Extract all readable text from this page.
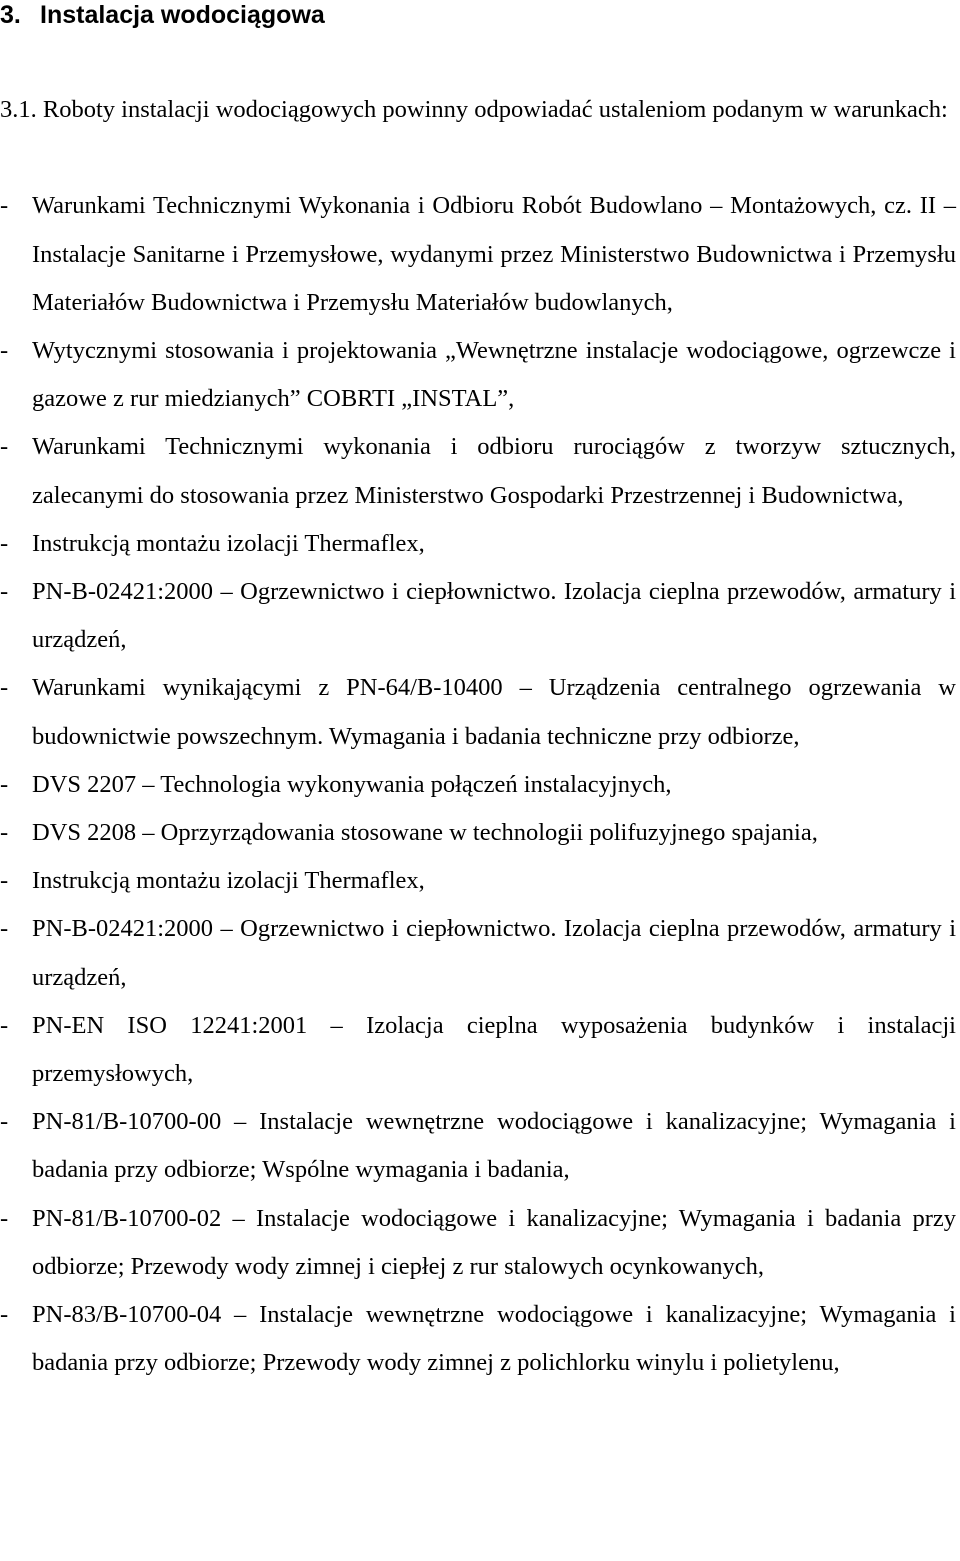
3. Instalacja wodociągowa

3.1. Roboty instalacji wodociągowych powinny odpowiadać ustaleniom podanym w warunkach:

- Warunkami Technicznymi Wykonania i Odbioru Robót Budowlano – Montażowych, cz. II – Instalacje Sanitarne i Przemysłowe, wydanymi przez Ministerstwo Budownictwa i Przemysłu Materiałów Budownictwa i Przemysłu Materiałów budowlanych,
- Wytycznymi stosowania i projektowania „Wewnętrzne instalacje wodociągowe, ogrzewcze i gazowe z rur miedzianych” COBRTI „INSTAL”,
- Warunkami Technicznymi wykonania i odbioru rurociągów z tworzyw sztucznych, zalecanymi do stosowania przez Ministerstwo Gospodarki Przestrzennej i Budownictwa,
- Instrukcją montażu izolacji Thermaflex,
- PN-B-02421:2000 – Ogrzewnictwo i ciepłownictwo. Izolacja cieplna przewodów, armatury i urządzeń,
- Warunkami wynikającymi z PN-64/B-10400 – Urządzenia centralnego ogrzewania w budownictwie powszechnym. Wymagania i badania techniczne przy odbiorze,
- DVS 2207 – Technologia wykonywania połączeń instalacyjnych,
- DVS 2208 – Oprzyrządowania stosowane w technologii polifuzyjnego spajania,
- Instrukcją montażu izolacji Thermaflex,
- PN-B-02421:2000 – Ogrzewnictwo i ciepłownictwo. Izolacja cieplna przewodów, armatury i urządzeń,
- PN-EN ISO 12241:2001 – Izolacja cieplna wyposażenia budynków i instalacji przemysłowych,
- PN-81/B-10700-00 – Instalacje wewnętrzne wodociągowe i kanalizacyjne; Wymagania i badania przy odbiorze; Wspólne wymagania i badania,
- PN-81/B-10700-02 – Instalacje wodociągowe i kanalizacyjne; Wymagania i badania przy odbiorze; Przewody wody zimnej i ciepłej z rur stalowych ocynkowanych,
- PN-83/B-10700-04 – Instalacje wewnętrzne wodociągowe i kanalizacyjne; Wymagania i badania przy odbiorze; Przewody wody zimnej z polichlorku winylu i polietylenu,
